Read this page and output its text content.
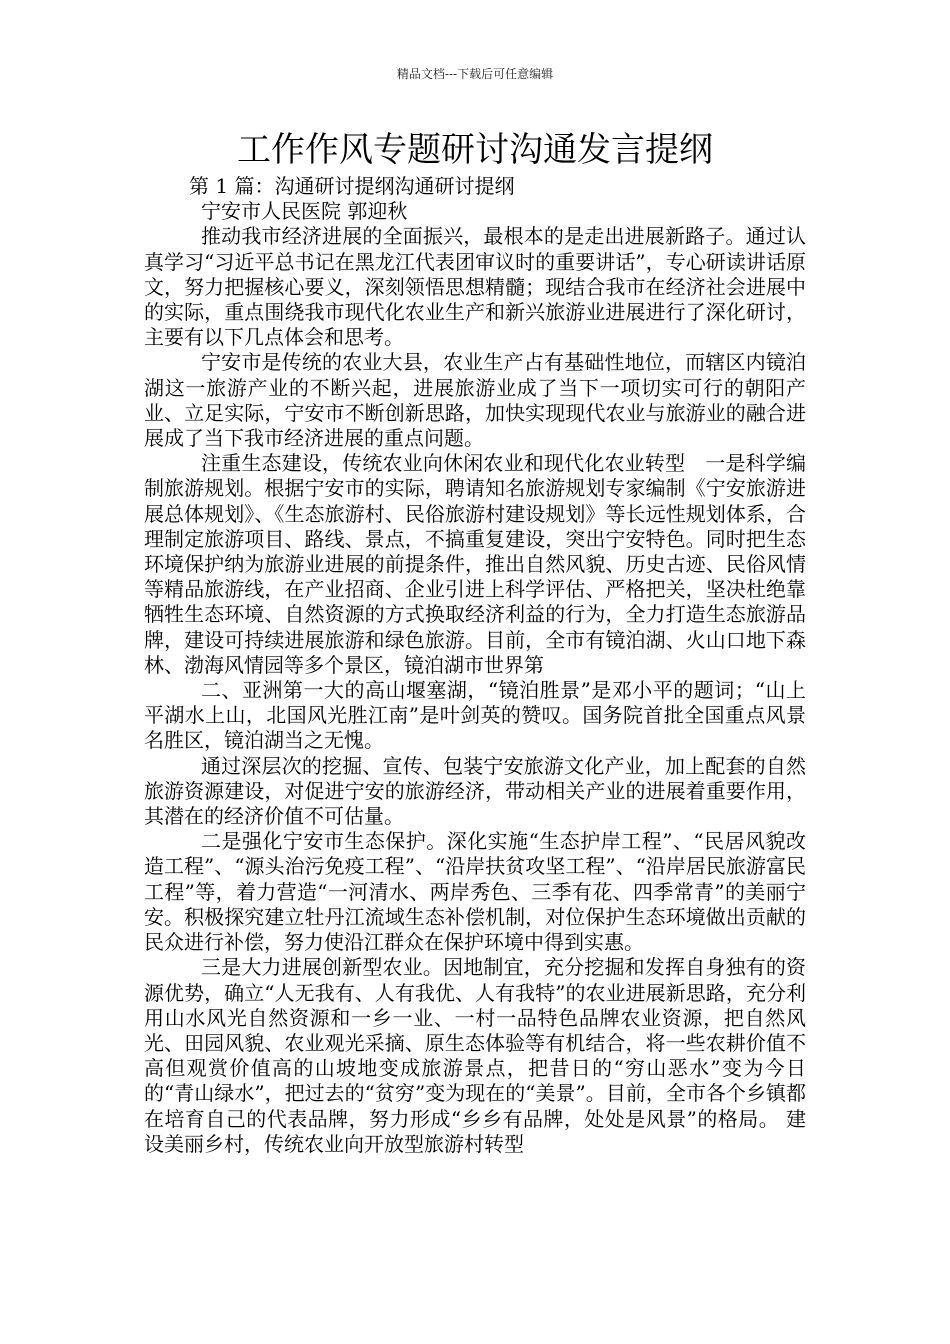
精品文档---下载后可任意编辑
工作作风专题研讨沟通发言提纲

第 1 篇：沟通研讨提纲沟通研讨提纲

宁安市人民医院 郭迎秋

推动我市经济进展的全面振兴，最根本的是走出进展新路子。通过认真学习“习近平总书记在黑龙江代表团审议时的重要讲话”，专心研读讲话原文，努力把握核心要义，深刻领悟思想精髓；现结合我市在经济社会进展中的实际，重点围绕我市现代化农业生产和新兴旅游业进展进行了深化研讨，主要有以下几点体会和思考。

宁安市是传统的农业大县，农业生产占有基础性地位，而辖区内镜泊湖这一旅游产业的不断兴起，进展旅游业成了当下一项切实可行的朝阳产业、立足实际，宁安市不断创新思路，加快实现现代农业与旅游业的融合进展成了当下我市经济进展的重点问题。

注重生态建设，传统农业向休闲农业和现代化农业转型　一是科学编制旅游规划。根据宁安市的实际，聘请知名旅游规划专家编制《宁安旅游进展总体规划》、《生态旅游村、民俗旅游村建设规划》等长远性规划体系，合理制定旅游项目、路线、景点，不搞重复建设，突出宁安特色。同时把生态环境保护纳为旅游业进展的前提条件，推出自然风貌、历史古迹、民俗风情等精品旅游线，在产业招商、企业引进上科学评估、严格把关，坚决杜绝靠牺牲生态环境、自然资源的方式换取经济利益的行为，全力打造生态旅游品牌，建设可持续进展旅游和绿色旅游。目前，全市有镜泊湖、火山口地下森林、渤海风情园等多个景区，镜泊湖市世界第

二、亚洲第一大的高山堰塞湖，“镜泊胜景”是邓小平的题词；“山上平湖水上山，北国风光胜江南”是叶剑英的赞叹。国务院首批全国重点风景名胜区，镜泊湖当之无愧。

通过深层次的挖掘、宣传、包装宁安旅游文化产业，加上配套的自然旅游资源建设，对促进宁安的旅游经济，带动相关产业的进展着重要作用，其潜在的经济价值不可估量。

二是强化宁安市生态保护。深化实施“生态护岸工程”、“民居风貌改造工程”、“源头治污免疫工程”、“沿岸扶贫攻坚工程”、“沿岸居民旅游富民工程”等，着力营造“一河清水、两岸秀色、三季有花、四季常青”的美丽宁安。积极探究建立牡丹江流域生态补偿机制，对位保护生态环境做出贡献的民众进行补偿，努力使沿江群众在保护环境中得到实惠。

三是大力进展创新型农业。因地制宜，充分挖掘和发挥自身独有的资源优势，确立“人无我有、人有我优、人有我特”的农业进展新思路，充分利用山水风光自然资源和一乡一业、一村一品特色品牌农业资源，把自然风光、田园风貌、农业观光采摘、原生态体验等有机结合，将一些农耕价值不高但观赏价值高的山坡地变成旅游景点，把昔日的“穷山恶水”变为今日的“青山绿水”，把过去的“贫穷”变为现在的“美景”。目前，全市各个乡镇都在培育自己的代表品牌，努力形成“乡乡有品牌，处处是风景”的格局。 建设美丽乡村，传统农业向开放型旅游村转型
